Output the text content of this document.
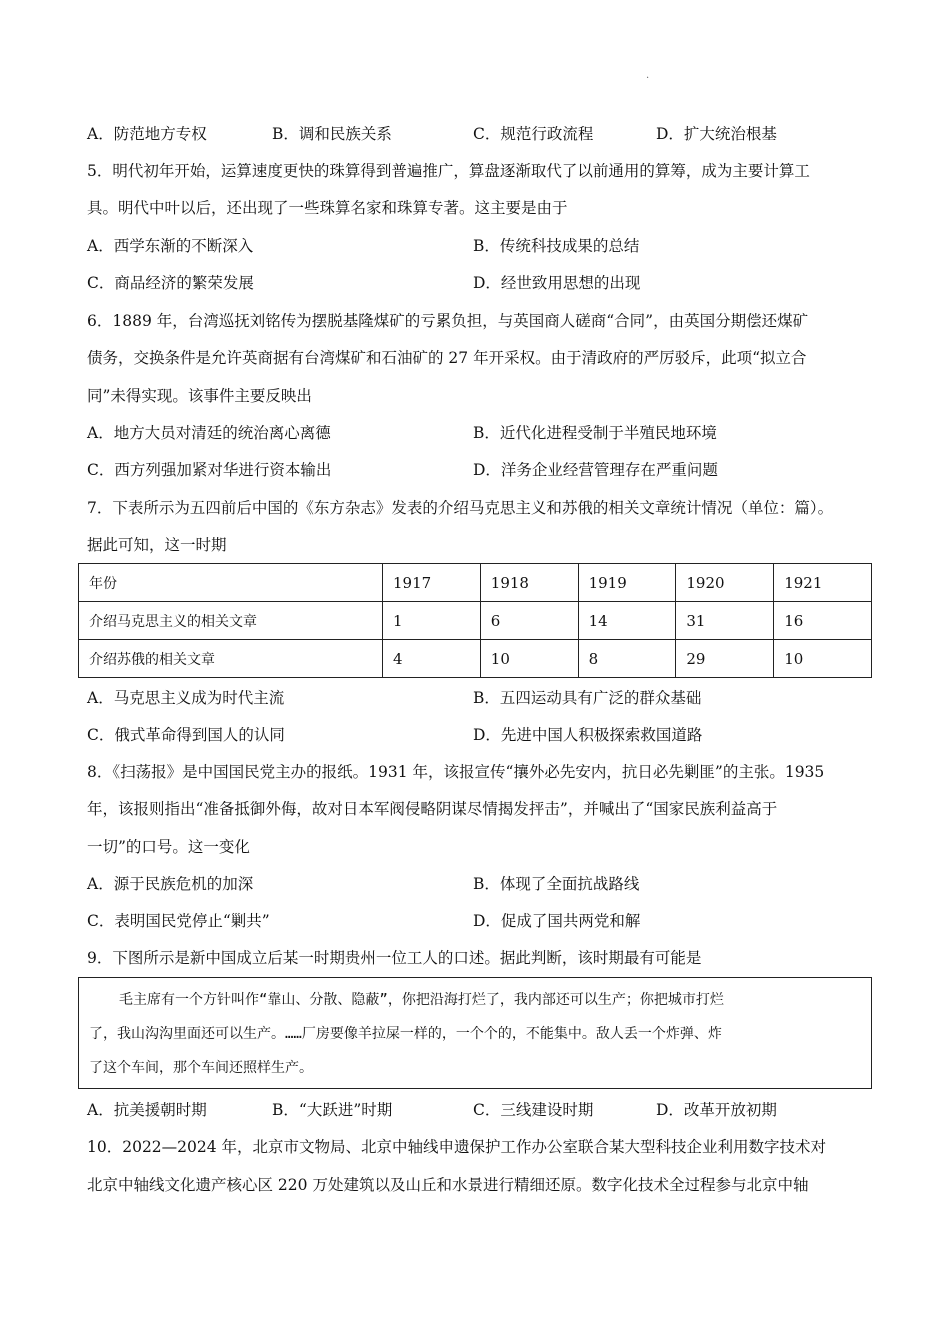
.
A．防范地方专权	B．调和民族关系	C．规范行政流程	D．扩大统治根基
5．明代初年开始，运算速度更快的珠算得到普遍推广，算盘逐渐取代了以前通用的算筹，成为主要计算工
具。明代中叶以后，还出现了一些珠算名家和珠算专著。这主要是由于
A．西学东渐的不断深入	B．传统科技成果的总结
C．商品经济的繁荣发展	D．经世致用思想的出现
6．1889 年，台湾巡抚刘铭传为摆脱基隆煤矿的亏累负担，与英国商人磋商“合同”，由英国分期偿还煤矿
债务，交换条件是允许英商据有台湾煤矿和石油矿的 27 年开采权。由于清政府的严厉驳斥，此项“拟立合
同”未得实现。该事件主要反映出
A．地方大员对清廷的统治离心离德	B．近代化进程受制于半殖民地环境
C．西方列强加紧对华进行资本输出	D．洋务企业经营管理存在严重问题
7．下表所示为五四前后中国的《东方杂志》发表的介绍马克思主义和苏俄的相关文章统计情况（单位：篇）。
据此可知，这一时期
年份	1917	1918	1919	1920	1921
介绍马克思主义的相关文章	1	6	14	31	16
介绍苏俄的相关文章	4	10	8	29	10
A．马克思主义成为时代主流	B．五四运动具有广泛的群众基础
C．俄式革命得到国人的认同	D．先进中国人积极探索救国道路
8．《扫荡报》是中国国民党主办的报纸。1931 年，该报宣传“攘外必先安内，抗日必先剿匪”的主张。1935
年，该报则指出“准备抵御外侮，故对日本军阀侵略阴谋尽情揭发抨击”，并喊出了“国家民族利益高于
一切”的口号。这一变化
A．源于民族危机的加深	B．体现了全面抗战路线
C．表明国民党停止“剿共”	D．促成了国共两党和解
9．下图所示是新中国成立后某一时期贵州一位工人的口述。据此判断，该时期最有可能是
毛主席有一个方针叫作“靠山、分散、隐蔽”，你把沿海打烂了，我内部还可以生产；你把城市打烂
了，我山沟沟里面还可以生产。……厂房要像羊拉屎一样的，一个个的，不能集中。敌人丢一个炸弹、炸
了这个车间，那个车间还照样生产。
A．抗美援朝时期	B．“大跃进”时期	C．三线建设时期	D．改革开放初期
10．2022—2024 年，北京市文物局、北京中轴线申遗保护工作办公室联合某大型科技企业利用数字技术对
北京中轴线文化遗产核心区 220 万处建筑以及山丘和水景进行精细还原。数字化技术全过程参与北京中轴
